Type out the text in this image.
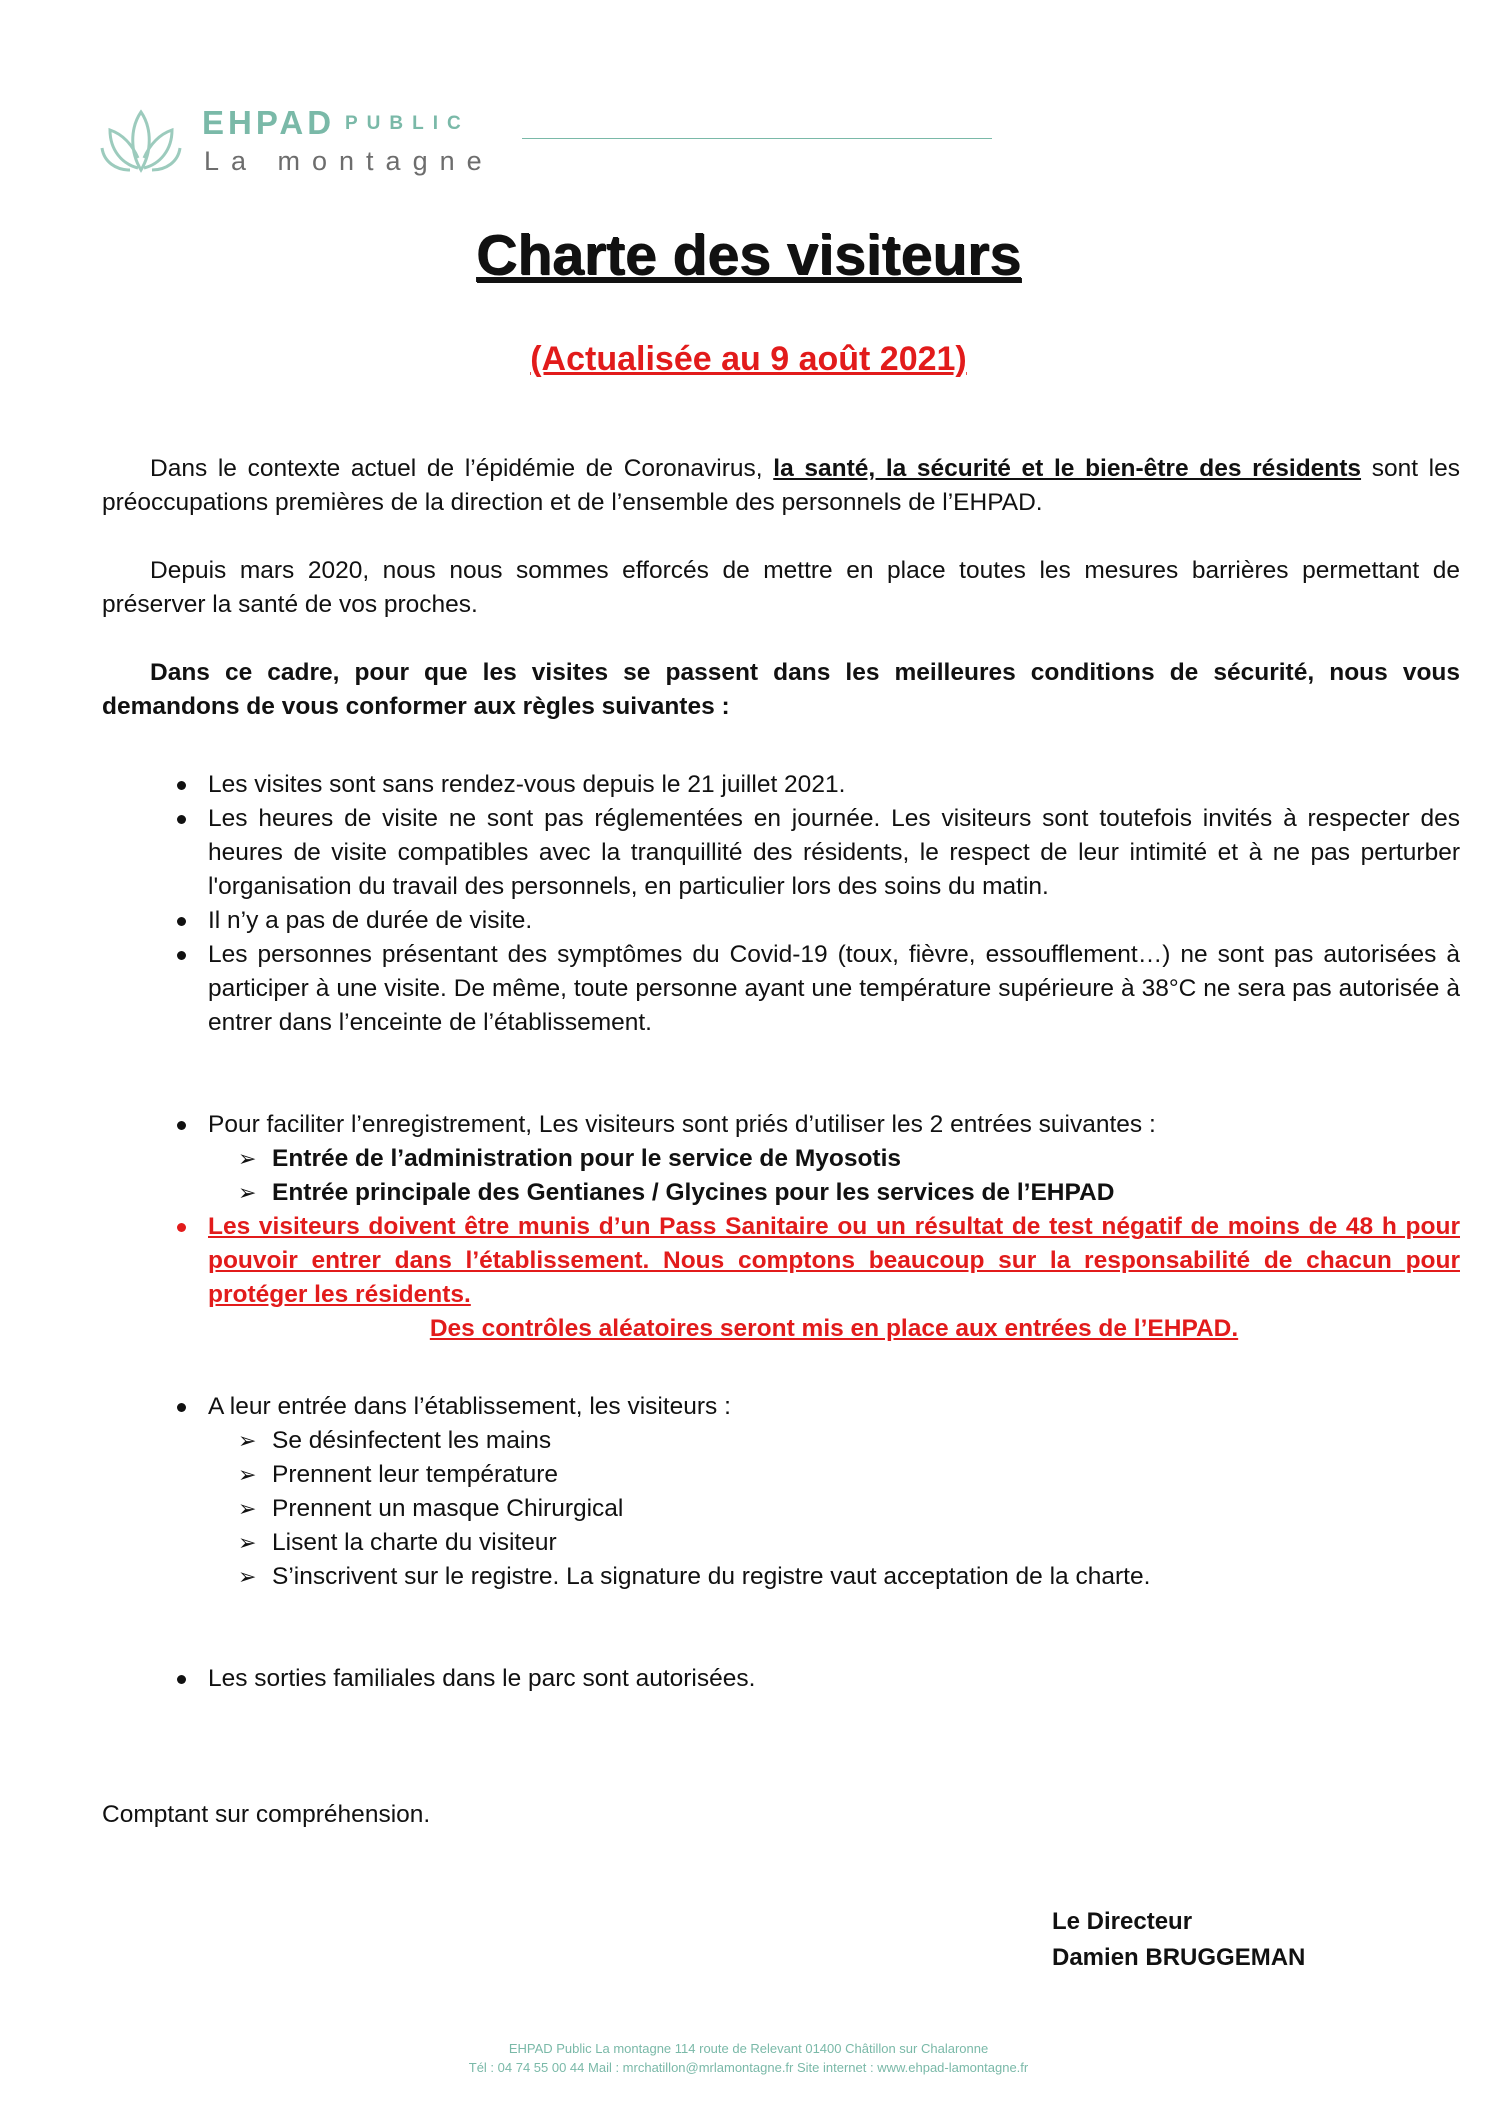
EHPAD PUBLIC
La montagne
Charte des visiteurs
(Actualisée au 9 août 2021)

Dans le contexte actuel de l’épidémie de Coronavirus, la santé, la sécurité et le bien-être des résidents sont les préoccupations premières de la direction et de l’ensemble des personnels de l’EHPAD.

Depuis mars 2020, nous nous sommes efforcés de mettre en place toutes les mesures barrières permettant de préserver la santé de vos proches.

Dans ce cadre, pour que les visites se passent dans les meilleures conditions de sécurité, nous vous demandons de vous conformer aux règles suivantes :

Les visites sont sans rendez-vous depuis le 21 juillet 2021.
Les heures de visite ne sont pas réglementées en journée. Les visiteurs sont toutefois invités à respecter des heures de visite compatibles avec la tranquillité des résidents, le respect de leur intimité et à ne pas perturber l'organisation du travail des personnels, en particulier lors des soins du matin.
Il n’y a pas de durée de visite.
Les personnes présentant des symptômes du Covid-19 (toux, fièvre, essoufflement…) ne sont pas autorisées à participer à une visite. De même, toute personne ayant une température supérieure à 38°C ne sera pas autorisée à entrer dans l’enceinte de l’établissement.
Pour faciliter l’enregistrement, Les visiteurs sont priés d’utiliser les 2 entrées suivantes :
➢ Entrée de l’administration pour le service de Myosotis
➢ Entrée principale des Gentianes / Glycines pour les services de l’EHPAD
Les visiteurs doivent être munis d’un Pass Sanitaire ou un résultat de test négatif de moins de 48 h pour pouvoir entrer dans l’établissement. Nous comptons beaucoup sur la responsabilité de chacun pour protéger les résidents.
Des contrôles aléatoires seront mis en place aux entrées de l’EHPAD.
A leur entrée dans l’établissement, les visiteurs :
➢ Se désinfectent les mains
➢ Prennent leur température
➢ Prennent un masque Chirurgical
➢ Lisent la charte du visiteur
➢ S’inscrivent sur le registre. La signature du registre vaut acceptation de la charte.
Les sorties familiales dans le parc sont autorisées.

Comptant sur compréhension.

Le Directeur
Damien BRUGGEMAN
EHPAD Public La montagne 114 route de Relevant 01400 Châtillon sur Chalaronne
Tél : 04 74 55 00 44 Mail : mrchatillon@mrlamontagne.fr Site internet : www.ehpad-lamontagne.fr
